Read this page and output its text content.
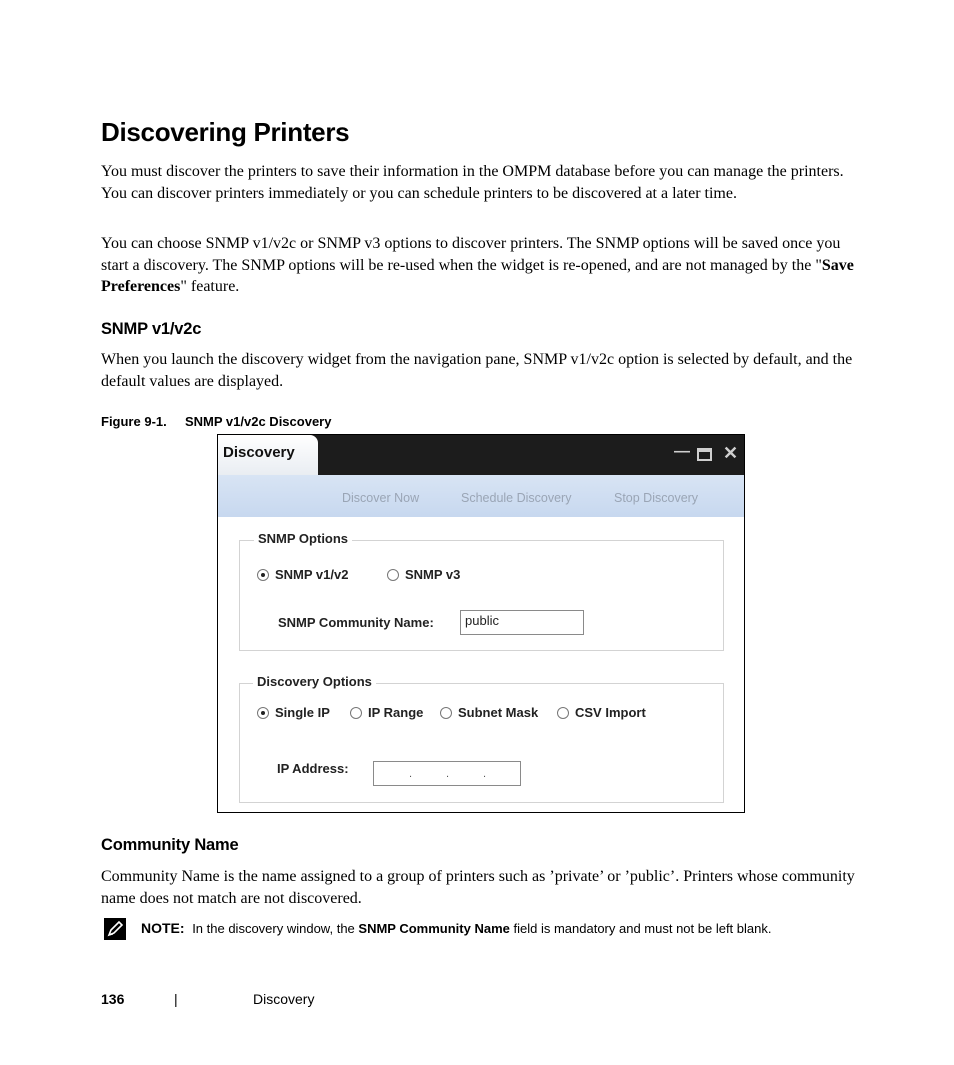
Discovering Printers

You must discover the printers to save their information in the OMPM database before you can manage the printers. You can discover printers immediately or you can schedule printers to be discovered at a later time.

You can choose SNMP v1/v2c or SNMP v3 options to discover printers. The SNMP options will be saved once you start a discovery. The SNMP options will be re-used when the widget is re-opened, and are not managed by the "Save Preferences" feature.

SNMP v1/v2c

When you launch the discovery widget from the navigation pane, SNMP v1/v2c option is selected by default, and the default values are displayed.

Figure 9-1. SNMP v1/v2c Discovery
Discovery	— ✕
Discover Now	Schedule Discovery	Stop Discovery
SNMP Options
SNMP v1/v2	SNMP v3
SNMP Community Name:	public
Discovery Options
Single IP	IP Range	Subnet Mask	CSV Import
IP Address:	.	.	.
Community Name

Community Name is the name assigned to a group of printers such as ’private’ or ’public’. Printers whose community name does not match are not discovered.

NOTE: In the discovery window, the SNMP Community Name field is mandatory and must not be left blank.
136	|	Discovery
